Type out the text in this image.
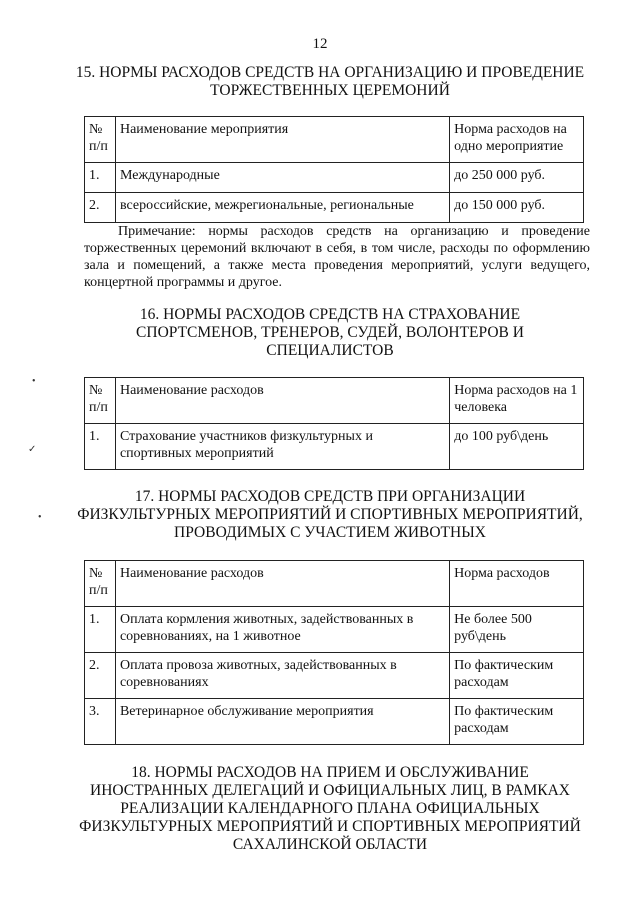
12
15. НОРМЫ РАСХОДОВ СРЕДСТВ НА ОРГАНИЗАЦИЮ И ПРОВЕДЕНИЕ
ТОРЖЕСТВЕННЫХ ЦЕРЕМОНИЙ
№ п/п	Наименование мероприятия	Норма расходов на одно мероприятие
1.	Международные	до 250 000 руб.
2.	всероссийские, межрегиональные, региональные	до 150 000 руб.
Примечание: нормы расходов средств на организацию и проведение торжественных церемоний включают в себя, в том числе, расходы по оформлению зала и помещений, а также места проведения мероприятий, услуги ведущего, концертной программы и другое.
16. НОРМЫ РАСХОДОВ СРЕДСТВ НА СТРАХОВАНИЕ
СПОРТСМЕНОВ, ТРЕНЕРОВ, СУДЕЙ, ВОЛОНТЕРОВ И
СПЕЦИАЛИСТОВ
№ п/п	Наименование расходов	Норма расходов на 1 человека
1.	Страхование участников физкультурных и спортивных мероприятий	до 100 руб\день
17. НОРМЫ РАСХОДОВ СРЕДСТВ ПРИ ОРГАНИЗАЦИИ
ФИЗКУЛЬТУРНЫХ МЕРОПРИЯТИЙ И СПОРТИВНЫХ МЕРОПРИЯТИЙ,
ПРОВОДИМЫХ С УЧАСТИЕМ ЖИВОТНЫХ
№ п/п	Наименование расходов	Норма расходов
1.	Оплата кормления животных, задействованных в соревнованиях, на 1 животное	Не более 500 руб\день
2.	Оплата провоза животных, задействованных в соревнованиях	По фактическим расходам
3.	Ветеринарное обслуживание мероприятия	По фактическим расходам
18. НОРМЫ РАСХОДОВ НА ПРИЕМ И ОБСЛУЖИВАНИЕ
ИНОСТРАННЫХ ДЕЛЕГАЦИЙ И ОФИЦИАЛЬНЫХ ЛИЦ, В РАМКАХ
РЕАЛИЗАЦИИ КАЛЕНДАРНОГО ПЛАНА ОФИЦИАЛЬНЫХ
ФИЗКУЛЬТУРНЫХ МЕРОПРИЯТИЙ И СПОРТИВНЫХ МЕРОПРИЯТИЙ
САХАЛИНСКОЙ ОБЛАСТИ
•
✓
•
